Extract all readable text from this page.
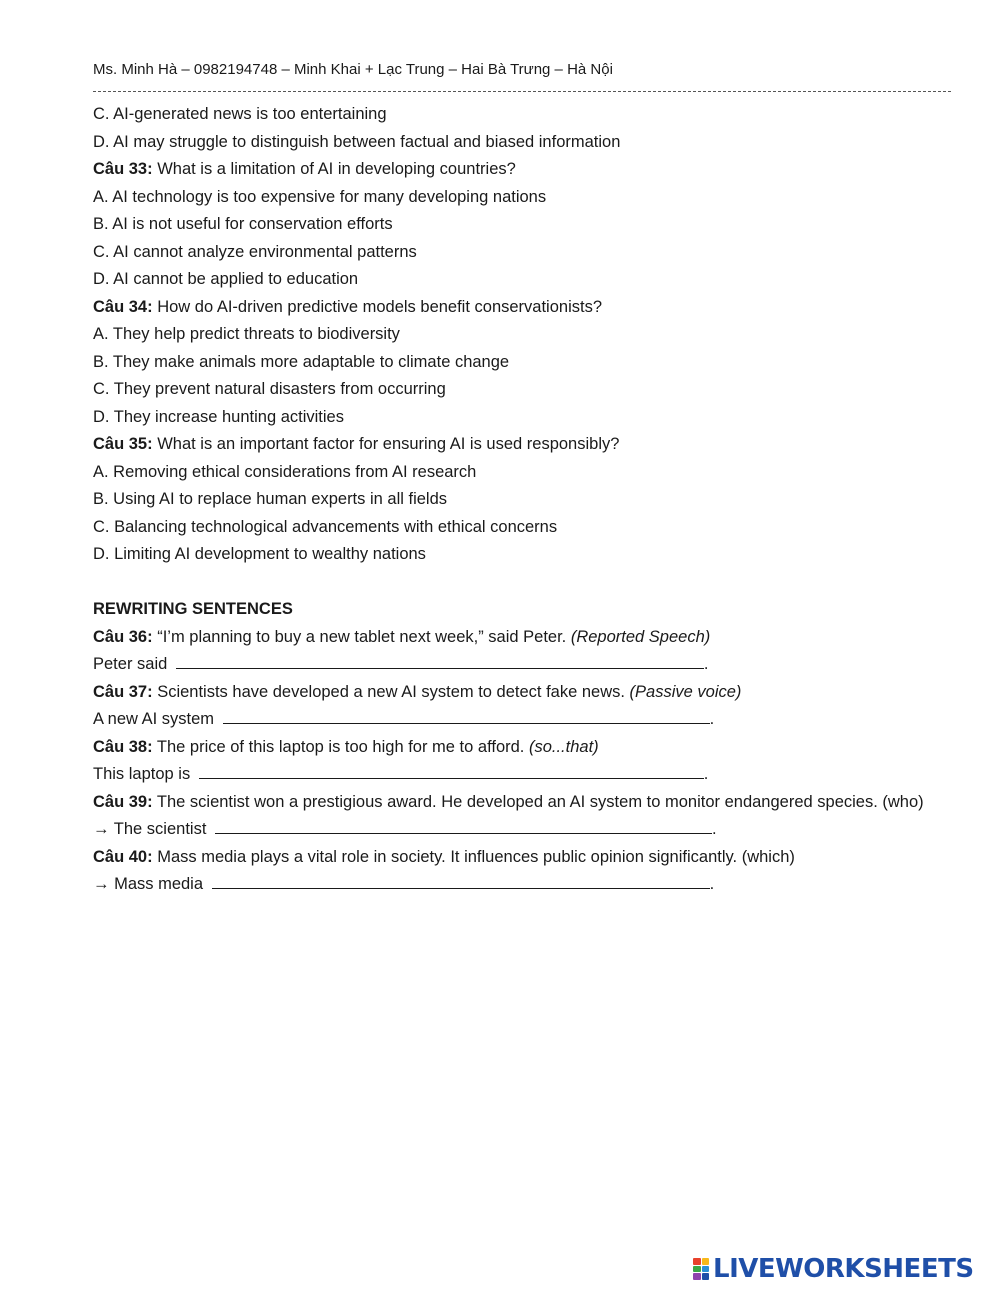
Ms. Minh Hà – 0982194748 – Minh Khai + Lạc Trung – Hai Bà Trưng – Hà Nội
C. AI-generated news is too entertaining
D. AI may struggle to distinguish between factual and biased information
Câu 33: What is a limitation of AI in developing countries?
A. AI technology is too expensive for many developing nations
B. AI is not useful for conservation efforts
C. AI cannot analyze environmental patterns
D. AI cannot be applied to education
Câu 34: How do AI-driven predictive models benefit conservationists?
A. They help predict threats to biodiversity
B. They make animals more adaptable to climate change
C. They prevent natural disasters from occurring
D. They increase hunting activities
Câu 35: What is an important factor for ensuring AI is used responsibly?
A. Removing ethical considerations from AI research
B. Using AI to replace human experts in all fields
C. Balancing technological advancements with ethical concerns
D. Limiting AI development to wealthy nations
REWRITING SENTENCES
Câu 36: “I’m planning to buy a new tablet next week,” said Peter. (Reported Speech)
Peter said	.
Câu 37: Scientists have developed a new AI system to detect fake news. (Passive voice)
A new AI system	.
Câu 38: The price of this laptop is too high for me to afford. (so...that)
This laptop is	.
Câu 39: The scientist won a prestigious award. He developed an AI system to monitor endangered species. (who)
→ The scientist	.
Câu 40: Mass media plays a vital role in society. It influences public opinion significantly. (which)
→ Mass media	.
LIVEWORKSHEETS
